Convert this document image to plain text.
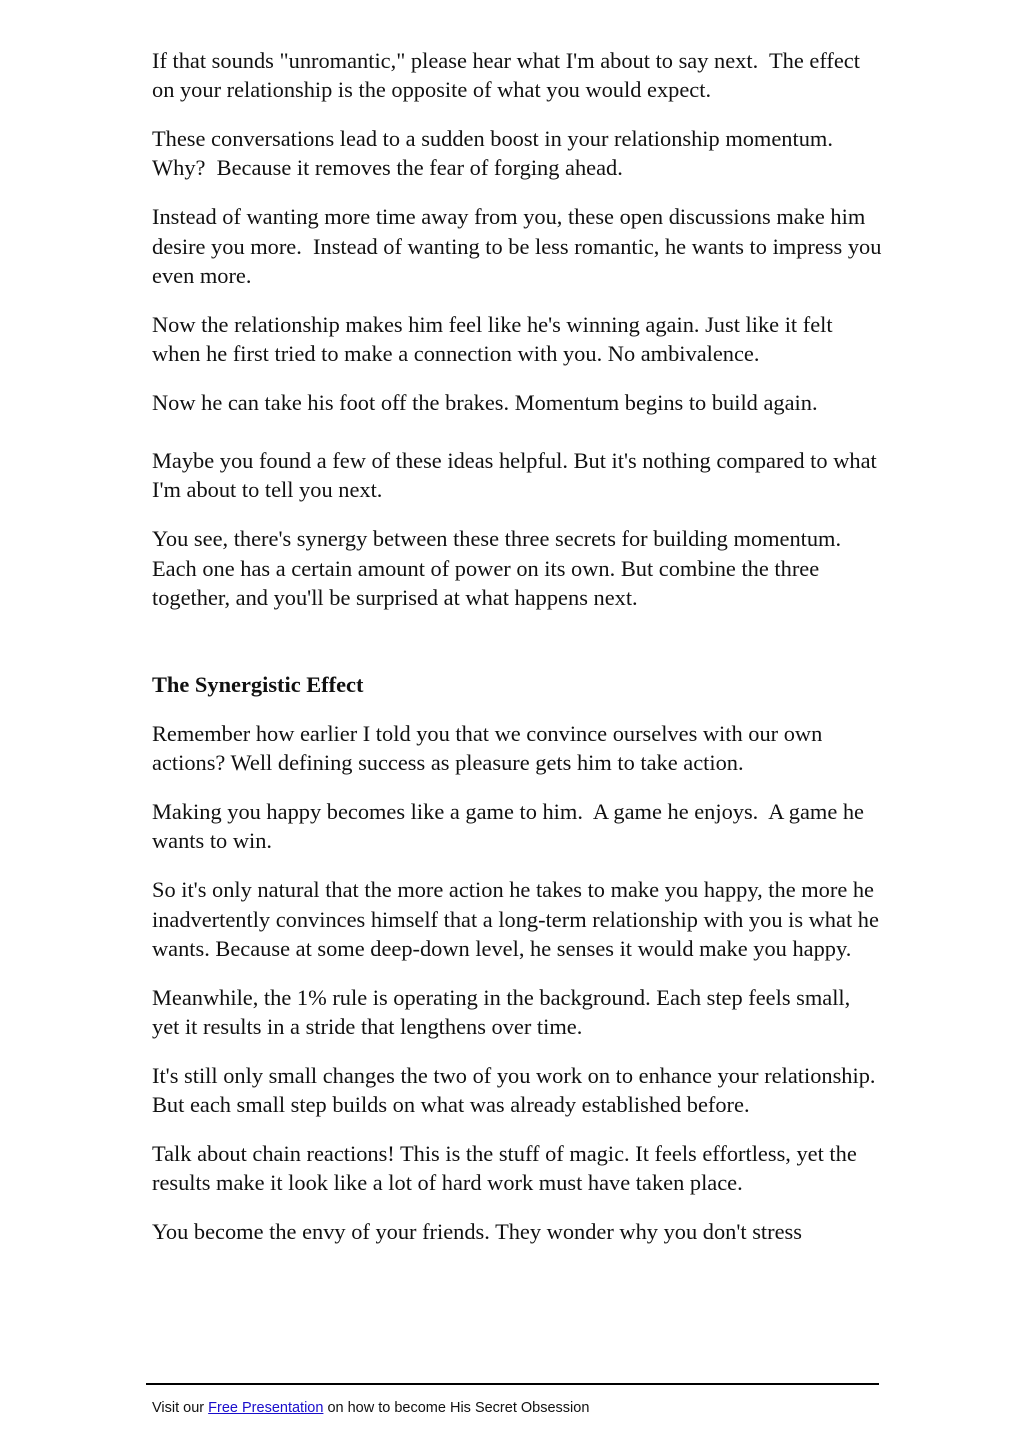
If that sounds "unromantic," please hear what I'm about to say next.  The effect on your relationship is the opposite of what you would expect.

These conversations lead to a sudden boost in your relationship momentum.  Why?  Because it removes the fear of forging ahead.

Instead of wanting more time away from you, these open discussions make him desire you more.  Instead of wanting to be less romantic, he wants to impress you even more.

Now the relationship makes him feel like he's winning again. Just like it felt when he first tried to make a connection with you. No ambivalence.

Now he can take his foot off the brakes. Momentum begins to build again.

Maybe you found a few of these ideas helpful. But it's nothing compared to what I'm about to tell you next.

You see, there's synergy between these three secrets for building momentum. Each one has a certain amount of power on its own. But combine the three together, and you'll be surprised at what happens next.

The Synergistic Effect

Remember how earlier I told you that we convince ourselves with our own actions? Well defining success as pleasure gets him to take action.

Making you happy becomes like a game to him.  A game he enjoys.  A game he wants to win.

So it's only natural that the more action he takes to make you happy, the more he inadvertently convinces himself that a long-term relationship with you is what he wants. Because at some deep-down level, he senses it would make you happy.

Meanwhile, the 1% rule is operating in the background. Each step feels small, yet it results in a stride that lengthens over time.

It's still only small changes the two of you work on to enhance your relationship. But each small step builds on what was already established before.

Talk about chain reactions! This is the stuff of magic. It feels effortless, yet the results make it look like a lot of hard work must have taken place.

You become the envy of your friends. They wonder why you don't stress

Visit our Free Presentation on how to become His Secret Obsession
